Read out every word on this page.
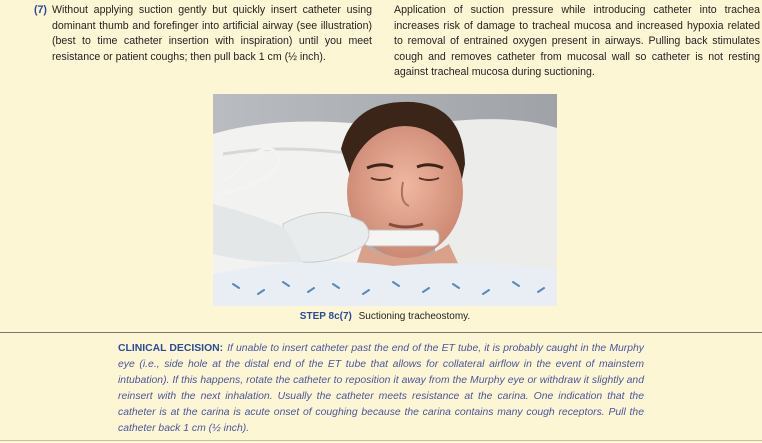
(7) Without applying suction gently but quickly insert catheter using dominant thumb and forefinger into artificial airway (see illustration) (best to time catheter insertion with inspiration) until you meet resistance or patient coughs; then pull back 1 cm (½ inch).
Application of suction pressure while introducing catheter into trachea increases risk of damage to tracheal mucosa and increased hypoxia related to removal of entrained oxygen present in airways. Pulling back stimulates cough and removes catheter from mucosal wall so catheter is not resting against tracheal mucosa during suctioning.
STEP 8c(7) Suctioning tracheostomy.
CLINICAL DECISION: If unable to insert catheter past the end of the ET tube, it is probably caught in the Murphy eye (i.e., side hole at the distal end of the ET tube that allows for collateral airflow in the event of mainstem intubation). If this happens, rotate the catheter to reposition it away from the Murphy eye or withdraw it slightly and reinsert with the next inhalation. Usually the catheter meets resistance at the carina. One indication that the catheter is at the carina is acute onset of coughing because the carina contains many cough receptors. Pull the catheter back 1 cm (½ inch).
